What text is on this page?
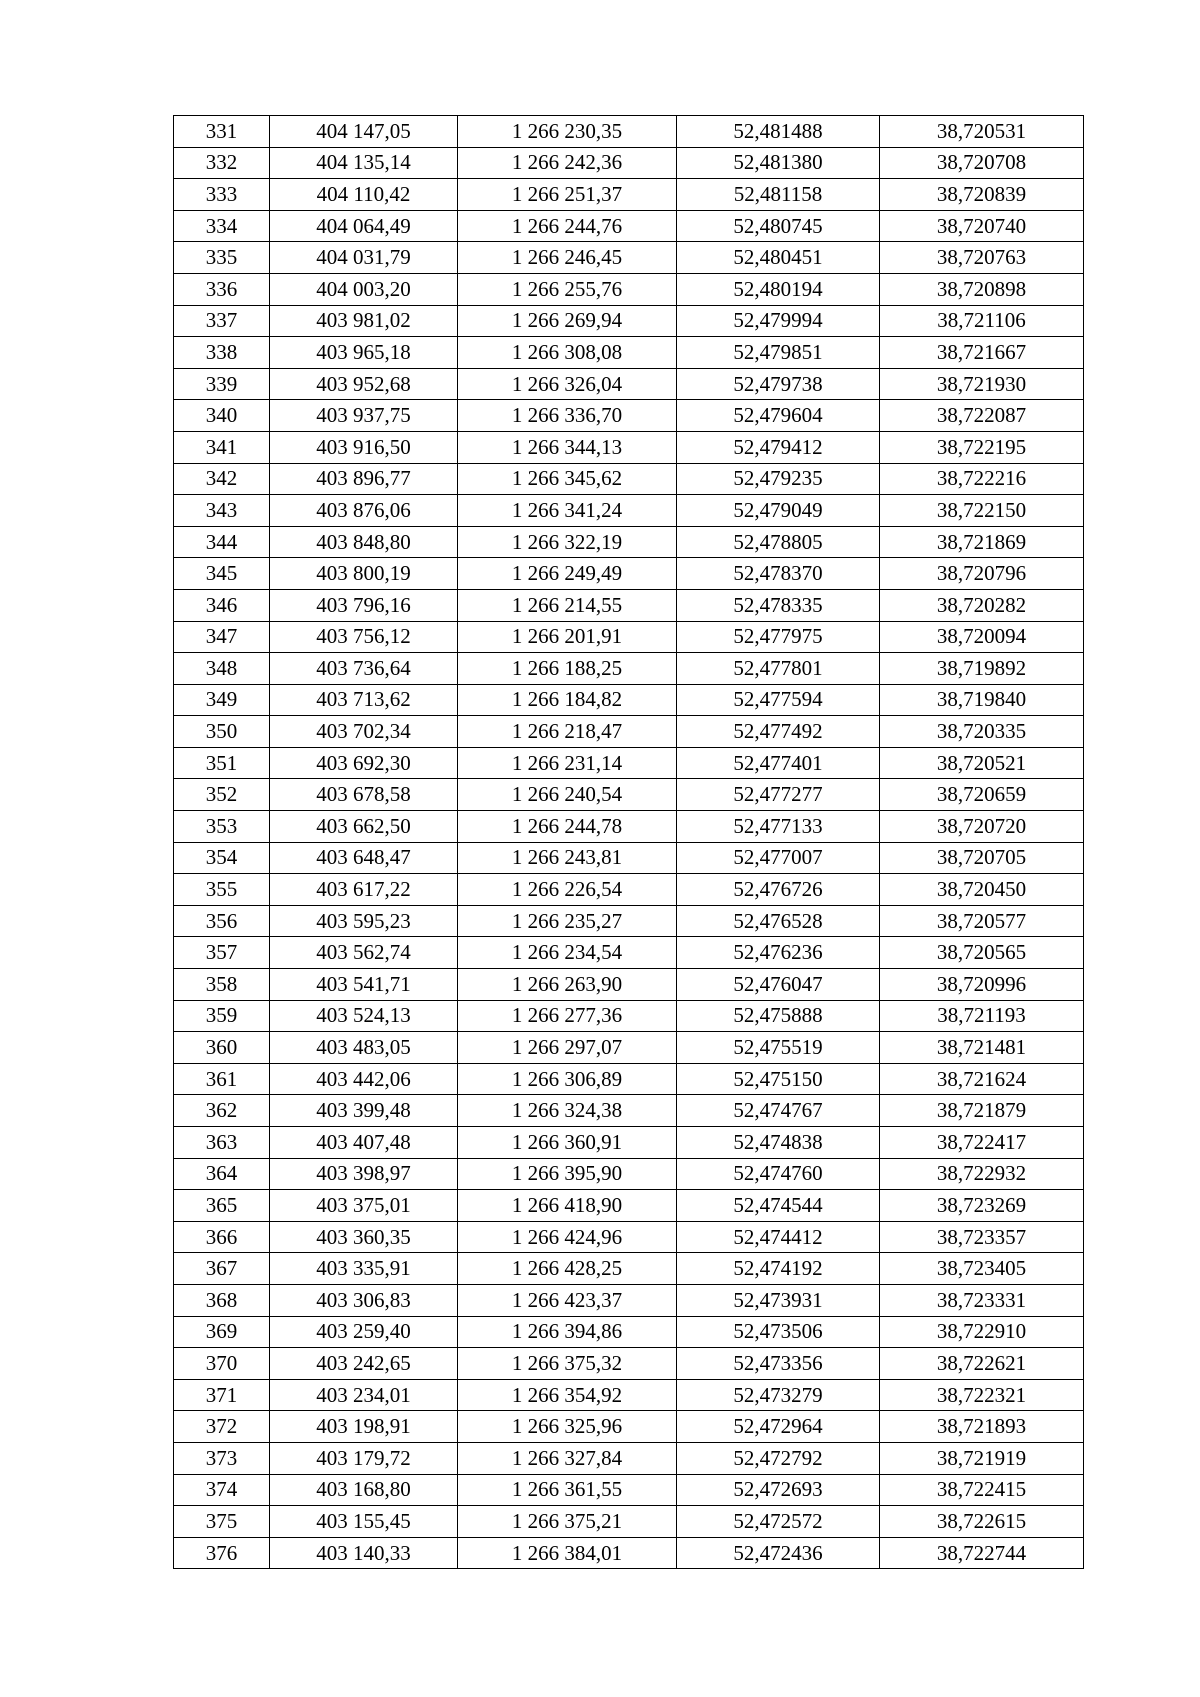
331	404 147,05	1 266 230,35	52,481488	38,720531
332	404 135,14	1 266 242,36	52,481380	38,720708
333	404 110,42	1 266 251,37	52,481158	38,720839
334	404 064,49	1 266 244,76	52,480745	38,720740
335	404 031,79	1 266 246,45	52,480451	38,720763
336	404 003,20	1 266 255,76	52,480194	38,720898
337	403 981,02	1 266 269,94	52,479994	38,721106
338	403 965,18	1 266 308,08	52,479851	38,721667
339	403 952,68	1 266 326,04	52,479738	38,721930
340	403 937,75	1 266 336,70	52,479604	38,722087
341	403 916,50	1 266 344,13	52,479412	38,722195
342	403 896,77	1 266 345,62	52,479235	38,722216
343	403 876,06	1 266 341,24	52,479049	38,722150
344	403 848,80	1 266 322,19	52,478805	38,721869
345	403 800,19	1 266 249,49	52,478370	38,720796
346	403 796,16	1 266 214,55	52,478335	38,720282
347	403 756,12	1 266 201,91	52,477975	38,720094
348	403 736,64	1 266 188,25	52,477801	38,719892
349	403 713,62	1 266 184,82	52,477594	38,719840
350	403 702,34	1 266 218,47	52,477492	38,720335
351	403 692,30	1 266 231,14	52,477401	38,720521
352	403 678,58	1 266 240,54	52,477277	38,720659
353	403 662,50	1 266 244,78	52,477133	38,720720
354	403 648,47	1 266 243,81	52,477007	38,720705
355	403 617,22	1 266 226,54	52,476726	38,720450
356	403 595,23	1 266 235,27	52,476528	38,720577
357	403 562,74	1 266 234,54	52,476236	38,720565
358	403 541,71	1 266 263,90	52,476047	38,720996
359	403 524,13	1 266 277,36	52,475888	38,721193
360	403 483,05	1 266 297,07	52,475519	38,721481
361	403 442,06	1 266 306,89	52,475150	38,721624
362	403 399,48	1 266 324,38	52,474767	38,721879
363	403 407,48	1 266 360,91	52,474838	38,722417
364	403 398,97	1 266 395,90	52,474760	38,722932
365	403 375,01	1 266 418,90	52,474544	38,723269
366	403 360,35	1 266 424,96	52,474412	38,723357
367	403 335,91	1 266 428,25	52,474192	38,723405
368	403 306,83	1 266 423,37	52,473931	38,723331
369	403 259,40	1 266 394,86	52,473506	38,722910
370	403 242,65	1 266 375,32	52,473356	38,722621
371	403 234,01	1 266 354,92	52,473279	38,722321
372	403 198,91	1 266 325,96	52,472964	38,721893
373	403 179,72	1 266 327,84	52,472792	38,721919
374	403 168,80	1 266 361,55	52,472693	38,722415
375	403 155,45	1 266 375,21	52,472572	38,722615
376	403 140,33	1 266 384,01	52,472436	38,722744
